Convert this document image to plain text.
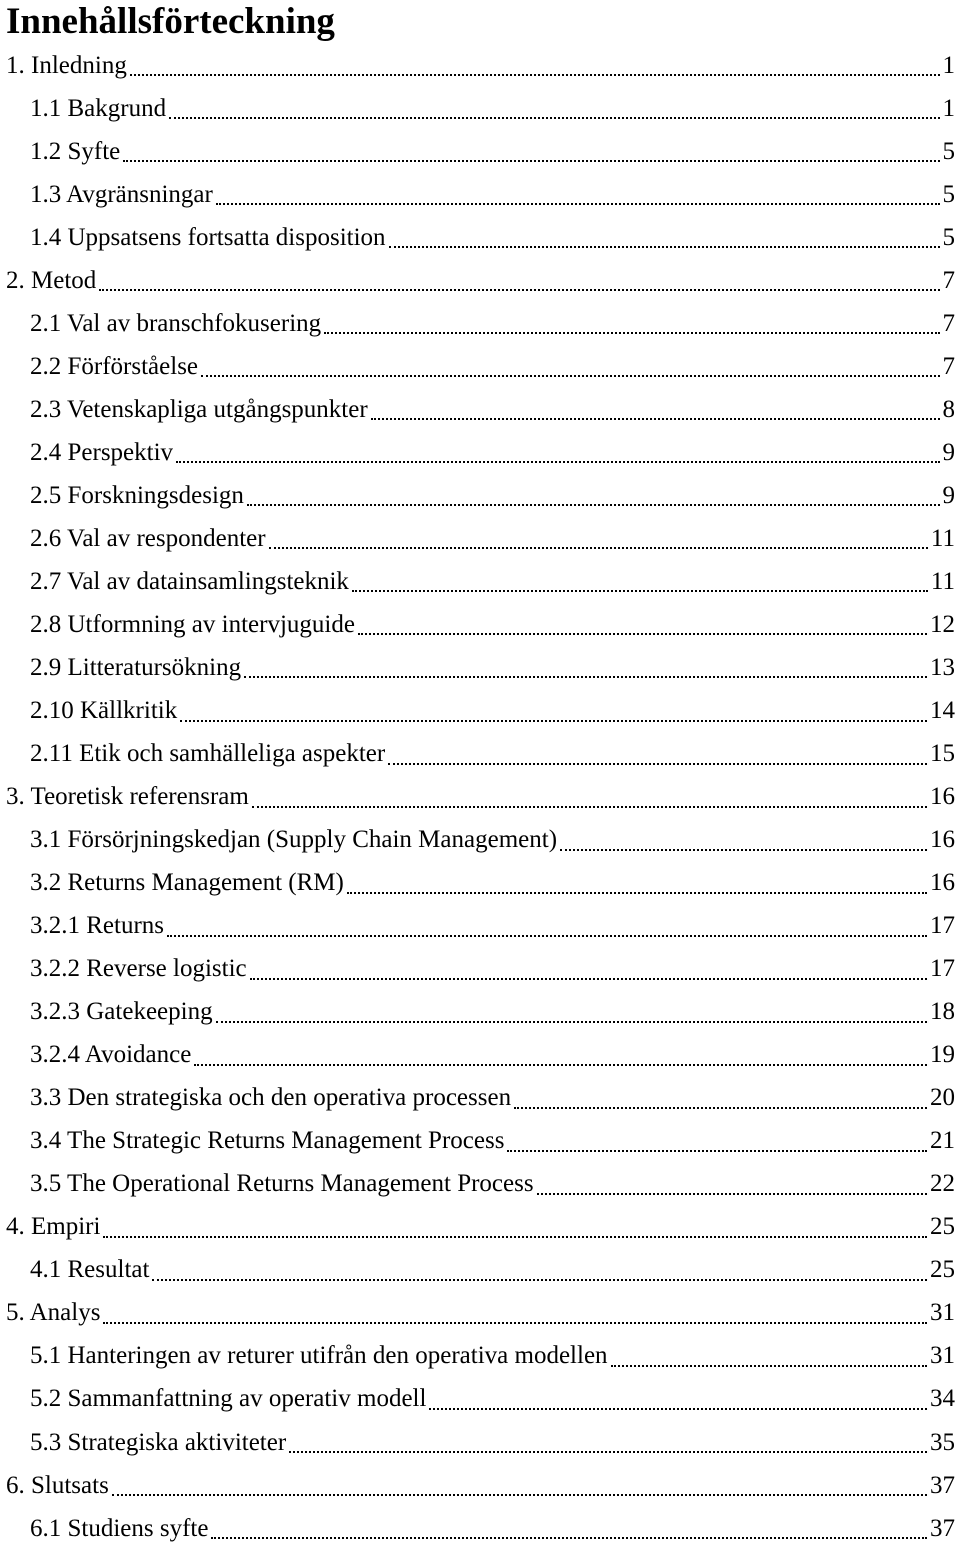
Innehållsförteckning
1. Inledning	1
1.1 Bakgrund	1
1.2 Syfte	5
1.3 Avgränsningar	5
1.4 Uppsatsens fortsatta disposition	5
2. Metod	7
2.1 Val av branschfokusering	7
2.2 Förförståelse	7
2.3 Vetenskapliga utgångspunkter	8
2.4 Perspektiv	9
2.5 Forskningsdesign	9
2.6 Val av respondenter	11
2.7 Val av datainsamlingsteknik	11
2.8 Utformning av intervjuguide	12
2.9 Litteratursökning	13
2.10 Källkritik	14
2.11 Etik och samhälleliga aspekter	15
3. Teoretisk referensram	16
3.1 Försörjningskedjan (Supply Chain Management)	16
3.2 Returns Management (RM)	16
3.2.1 Returns	17
3.2.2 Reverse logistic	17
3.2.3 Gatekeeping	18
3.2.4 Avoidance	19
3.3 Den strategiska och den operativa processen	20
3.4 The Strategic Returns Management Process	21
3.5 The Operational Returns Management Process	22
4. Empiri	25
4.1 Resultat	25
5. Analys	31
5.1 Hanteringen av returer utifrån den operativa modellen	31
5.2 Sammanfattning av operativ modell	34
5.3 Strategiska aktiviteter	35
6. Slutsats	37
6.1 Studiens syfte	37
